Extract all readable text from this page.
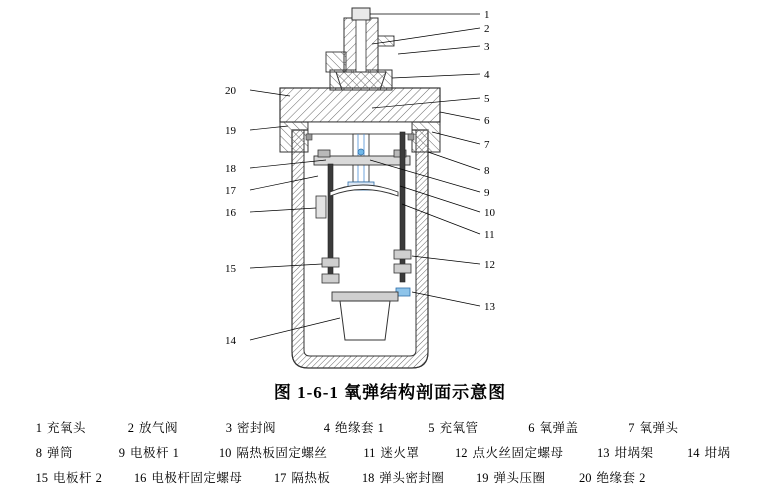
1
2
3
4
5
6
7
8
9
10
11
12
13
14
15
16
17
18
19
20
图 1-6-1 氧弹结构剖面示意图
1 充氧头	2 放气阀	3 密封阀	4 绝缘套 1	5 充氧管	6 氧弹盖	7 氧弹头
8 弹筒	9 电极杆 1	10 隔热板固定螺丝	11 迷火罩	12 点火丝固定螺母	13 坩埚架	14 坩埚
15 电板杆 2	16 电极杆固定螺母	17 隔热板	18 弹头密封圈	19 弹头压圈	20 绝缘套 2
